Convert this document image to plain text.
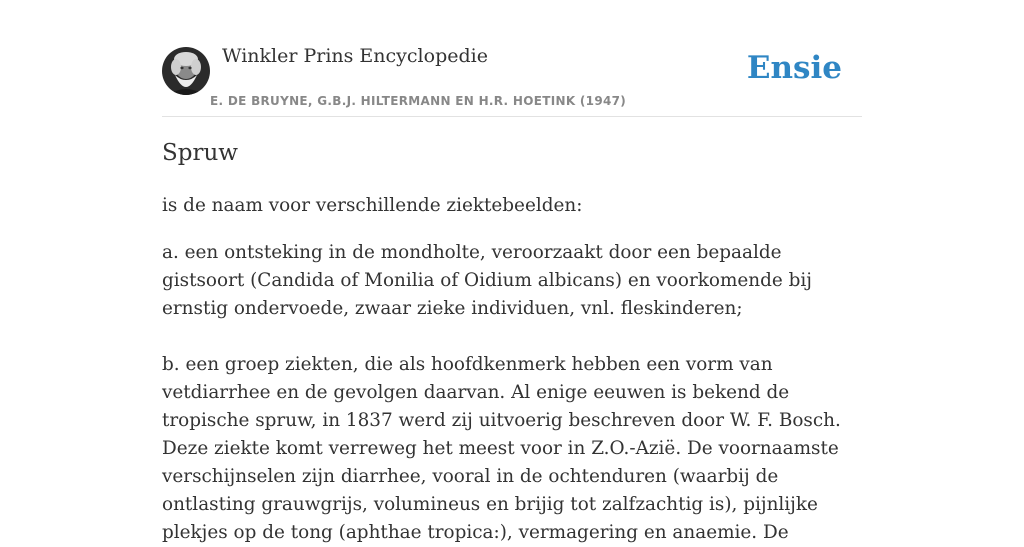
Winkler Prins Encyclopedie
E. DE BRUYNE, G.B.J. HILTERMANN EN H.R. HOETINK (1947)
Ensie
Spruw

is de naam voor verschillende ziektebeelden:

a. een ontsteking in de mondholte, veroorzaakt door een bepaalde gistsoort (Candida of Monilia of Oidium albicans) en voorkomende bij ernstig ondervoede, zwaar zieke individuen, vnl. fleskinderen;

b. een groep ziekten, die als hoofdkenmerk hebben een vorm van vetdiarrhee en de gevolgen daarvan. Al enige eeuwen is bekend de tropische spruw, in 1837 werd zij uitvoerig beschreven door W. F. Bosch. Deze ziekte komt verreweg het meest voor in Z.O.-Azië. De voornaamste verschijnselen zijn diarrhee, vooral in de ochtenduren (waarbij de ontlasting grauwgrijs, volumineus en brijig tot zalfzachtig is), pijnlijke plekjes op de tong (aphthae tropica:), vermagering en anaemie. De
